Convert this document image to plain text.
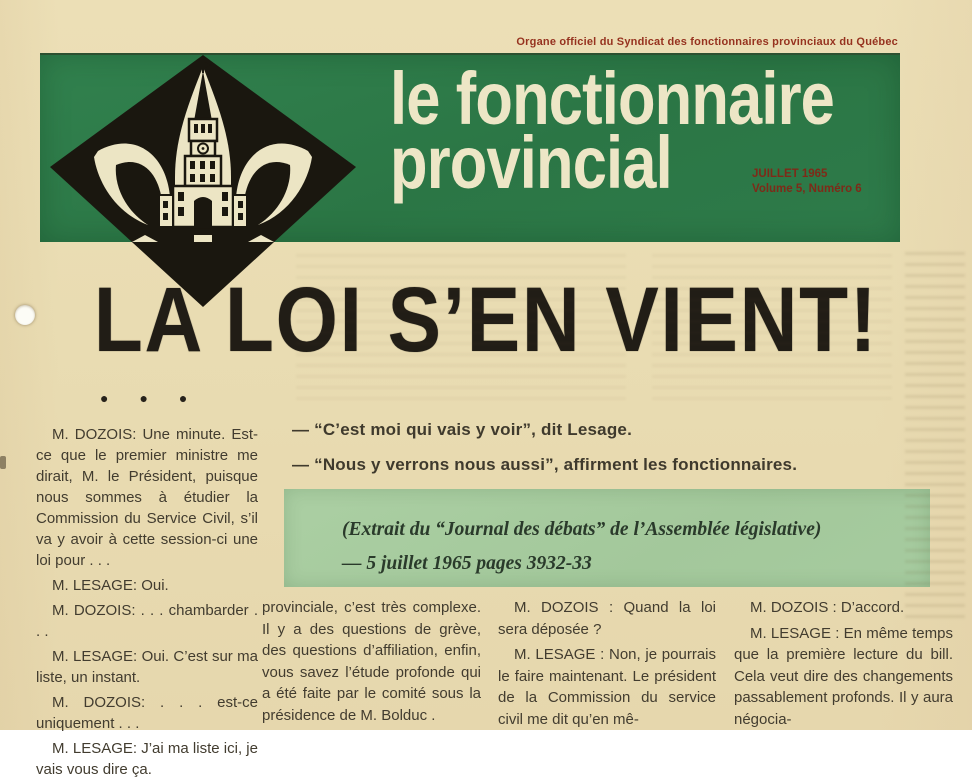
Organe officiel du Syndicat des fonctionnaires provinciaux du Québec
le fonctionnaire
provincial	JUILLET 1965
Volume 5, Numéro 6
LA LOI S’EN VIENT!
●●●

M. DOZOIS: Une minute. Est-ce que le premier ministre me dirait, M. le Président, puisque nous sommes à étudier la Commission du Service Civil, s’il va y avoir à cette session-ci une loi pour . . .

M. LESAGE: Oui.

M. DOZOIS: . . . chambarder . . .

M. LESAGE: Oui. C’est sur ma liste, un instant.

M. DOZOIS: . . . est-ce uniquement . . .

M. LESAGE: J’ai ma liste ici, je vais vous dire ça.

— “C’est moi qui vais y voir”, dit Lesage.

— “Nous y verrons nous aussi”, affirment les fonctionnaires.

(Extrait du “Journal des débats” de l’Assemblée législative)

— 5 juillet 1965 pages 3932-33

provinciale, c’est très complexe. Il y a des questions de grève, des questions d’affiliation, enfin, vous savez l’étude profonde qui a été faite par le comité sous la présidence de M. Bolduc .

M. DOZOIS : Quand la loi sera déposée ?

M. LESAGE : Non, je pourrais le faire maintenant. Le président de la Commission du service civil me dit qu’en mê-

M. DOZOIS : D’accord.

M. LESAGE : En même temps que la première lecture du bill. Cela veut dire des changements passablement profonds. Il y aura négocia-
